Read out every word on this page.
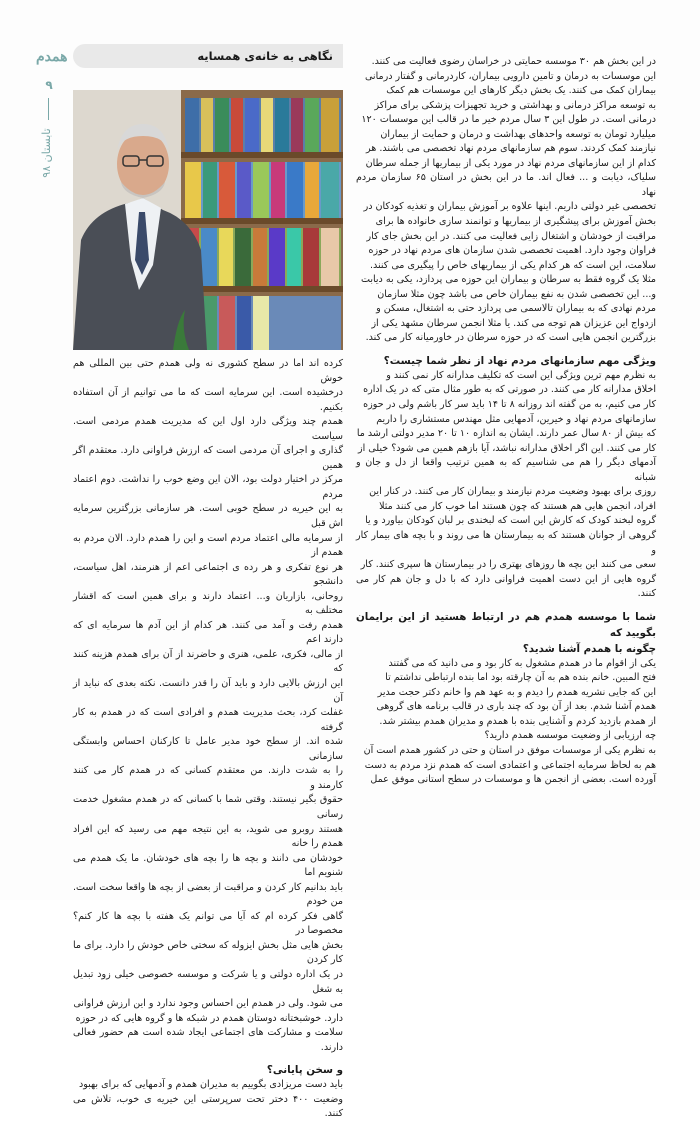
همدم
۹
تابستان ۹۸
نگاهی به خانه‌ی همسایه	در این بخش هم ۳۰ موسسه حمایتی در خراسان رضوی فعالیت می کنند.

این موسسات به درمان و تامین دارویی بیماران، کاردرمانی و گفتار درمانی

بیماران کمک می کنند. یک بخش دیگر کارهای این موسسات هم کمک

به توسعه مراکز درمانی و بهداشتی و خرید تجهیزات پزشکی برای مراکز

درمانی است. در طول این ۳ سال مردم خیر ما در قالب این موسسات ۱۲۰

میلیارد تومان به توسعه واحدهای بهداشت و درمان و حمایت از بیماران

نیازمند کمک کردند. سوم هم سازمانهای مردم نهاد تخصصی می باشند. هر

کدام از این سازمانهای مردم نهاد در مورد یکی از بیماریها از جمله سرطان

سلیاک، دیابت و ... فعال اند. ما در این بخش در استان ۶۵ سازمان مردم نهاد

تخصصی غیر دولتی داریم. اینها علاوه بر آموزش بیماران و تغذیه کودکان در

بخش آموزش برای پیشگیری از بیماریها و توانمند سازی خانواده ها برای

مراقبت از خودشان و اشتغال زایی فعالیت می کنند. در این بخش جای کار

فراوان وجود دارد. اهمیت تخصصی شدن سازمان های مردم نهاد در حوزه

سلامت، این است که هر کدام یکی از بیماریهای خاص را پیگیری می کنند.

مثلا یک گروه فقط به سرطان و بیماران این حوزه می پردازد، یکی به دیابت

و... این تخصصی شدن به نفع بیماران خاص می باشد چون مثلا سازمان

مردم نهادی که به بیماران تالاسمی می پردازد حتی به اشتغال، مسکن و

ازدواج این عزیزان هم توجه می کند. یا مثلا انجمن سرطان مشهد یکی از

بزرگترین انجمن هایی است که در حوزه سرطان در خاورمیانه کار می کند.

ویژگی مهم سازمانهای مردم نهاد از نظر شما چیست؟

به نظرم مهم ترین ویژگی این است که تکلیف مدارانه کار نمی کنند و

اخلاق مدارانه کار می کنند. در صورتی که به طور مثال متی که در یک اداره

کار می کنیم، به من گفته اند روزانه ۸ تا ۱۴ باید سر کار باشم ولی در حوزه

سازمانهای مردم نهاد و خیرین، آدمهایی مثل مهندس مستشاری را داریم

که بیش از ۸۰ سال عمر دارند. ایشان به اندازه ۱۰ تا ۲۰ مدیر دولتی ارشد ما

کار می کنند. این اگر اخلاق مدارانه نباشد، آیا بازهم همین می شود؟ خیلی از

آدمهای دیگر را هم می شناسیم که به همین ترتیب واقعا از دل و جان و شبانه

روزی برای بهبود وضعیت مردم نیازمند و بیماران کار می کنند. در کنار این

افراد، انجمن هایی هم هستند که چون هستند اما خوب کار می کنند مثلا

گروه لبخند کودک که کارش این است که لبخندی بر لبان کودکان بیاورد و یا

گروهی از جوانان هستند که به بیمارستان ها می روند و با بچه های بیمار کار و

سعی می کنند این بچه ها روزهای بهتری را در بیمارستان ها سپری کنند. کار

گروه هایی از این دست اهمیت فراوانی دارد که با دل و جان هم کار می کنند.

شما با موسسه همدم هم در ارتباط هستید از این برایمان بگویید که
چگونه با همدم آشنا شدید؟

یکی از اقوام ما در همدم مشغول به کار بود و می دانید که می گفتند

فتح المبین. خانم بنده هم به آن چارقته بود اما بنده ارتباطی نداشتم تا

این که جایی نشریه همدم را دیدم و به عهد هم وا خانم دکتر حجت مدیر

همدم آشنا شدم. بعد از آن بود که چند باری در قالب برنامه های گروهی

از همدم بازدید کردم و آشنایی بنده با همدم و مدیران همدم بیشتر شد.

چه ارزیابی از وضعیت موسسه همدم دارید؟

به نظرم یکی از موسسات موفق در استان و حتی در کشور همدم است آن

هم به لحاظ سرمایه اجتماعی و اعتمادی است که همدم نزد مردم به دست

آورده است. بعضی از انجمن ها و موسسات در سطح استانی موفق عمل

کرده اند اما در سطح کشوری نه ولی همدم حتی بین المللی هم خوش

درخشیده است. این سرمایه است که ما می توانیم از آن استفاده بکنیم.

همدم چند ویژگی دارد اول این که مدیریت همدم مردمی است. سیاست

گذاری و اجرای آن مردمی است که ارزش فراوانی دارد. معتقدم اگر همین

مرکز در اختیار دولت بود، الان این وضع خوب را نداشت. دوم اعتماد مردم

به این خیریه در سطح خوبی است. هر سازمانی بزرگترین سرمایه اش قبل

از سرمایه مالی اعتماد مردم است و این را همدم دارد. الان مردم به همدم از

هر نوع تفکری و هر رده ی اجتماعی اعم از هنرمند، اهل سیاست، دانشجو

روحانی، بازاریان و... اعتماد دارند و برای همین است که اقشار مختلف به

همدم رفت و آمد می کنند. هر کدام از این آدم ها سرمایه ای که دارند اعم

از مالی، فکری، علمی، هنری و حاضرند از آن برای همدم هزینه کنند که

این ارزش بالایی دارد و باید آن را قدر دانست. نکته بعدی که نباید از آن

غفلت کرد، بحث مدیریت همدم و افرادی است که در همدم به کار گرفته

شده اند. از سطح خود مدیر عامل تا کارکنان احساس وابستگی سازمانی

را به شدت دارند. من معتقدم کسانی که در همدم کار می کنند کارمند و

حقوق بگیر نیستند. وقتی شما با کسانی که در همدم مشغول خدمت رسانی

هستند روبرو می شوید، به این نتیجه مهم می رسید که این افراد همدم را خانه

خودشان می دانند و بچه ها را بچه های خودشان. ما یک همدم می شنویم اما

باید بدانیم کار کردن و مراقبت از بعضی از بچه ها واقعا سخت است. من خودم

گاهی فکر کرده ام که آیا می توانم یک هفته با بچه ها کار کنم؟ مخصوصا در

بخش هایی مثل بخش ایزوله که سختی خاص خودش را دارد. برای ما کار کردن

در یک اداره دولتی و یا شرکت و موسسه خصوصی خیلی زود تبدیل به شغل

می شود. ولی در همدم این احساس وجود ندارد و این ارزش فراوانی

دارد. خوشبختانه دوستان همدم در شبکه ها و گروه هایی که در حوزه

سلامت و مشارکت های اجتماعی ایجاد شده است هم حضور فعالی دارند.

و سخن پایانی؟

باید دست مریزادی بگوییم به مدیران همدم و آدمهایی که برای بهبود

وضعیت ۴۰۰ دختر تحت سرپرستی این خیریه ی خوب، تلاش می کنند.
